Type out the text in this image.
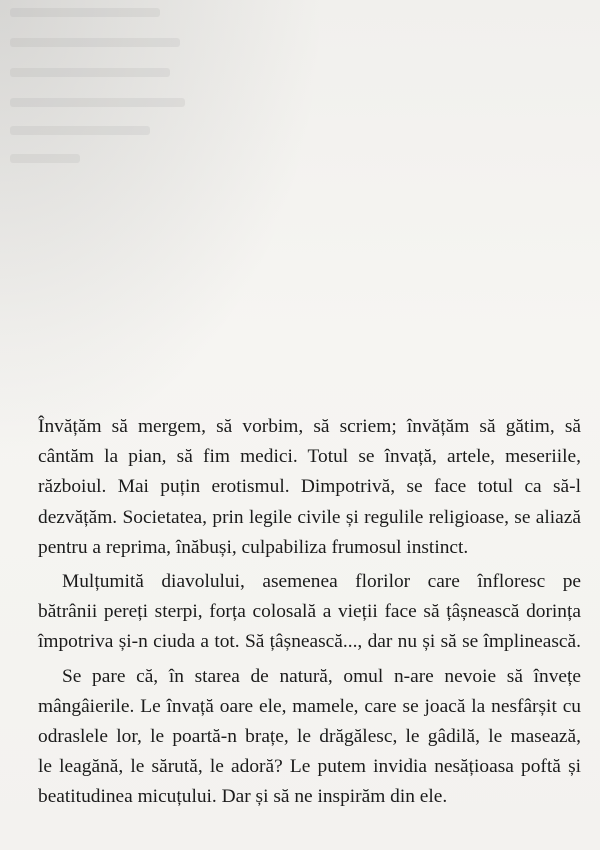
Învățăm să mergem, să vorbim, să scriem; învățăm să gătim, să
cântăm la pian, să fim medici. Totul se învață, artele, meseriile,
războiul. Mai puțin erotismul. Dimpotrivă, se face totul ca să-l
dezvățăm. Societatea, prin legile civile și regulile religioase, se aliază
pentru a reprima, înăbuși, culpabiliza frumosul instinct.

Mulțumită diavolului, asemenea florilor care înfloresc pe
bătrânii pereți sterpi, forța colosală a vieții face să țâșnească dorința
împotriva și-n ciuda a tot. Să țâșnească..., dar nu și să se împlinească.

Se pare că, în starea de natură, omul n-are nevoie să învețe
mângâierile. Le învață oare ele, mamele, care se joacă la nesfârșit cu
odraslele lor, le poartă-n brațe, le drăgălesc, le gâdilă, le masează,
le leagănă, le sărută, le adoră? Le putem invidia nesățioasa poftă și
beatitudinea micuțului. Dar și să ne inspirăm din ele.
